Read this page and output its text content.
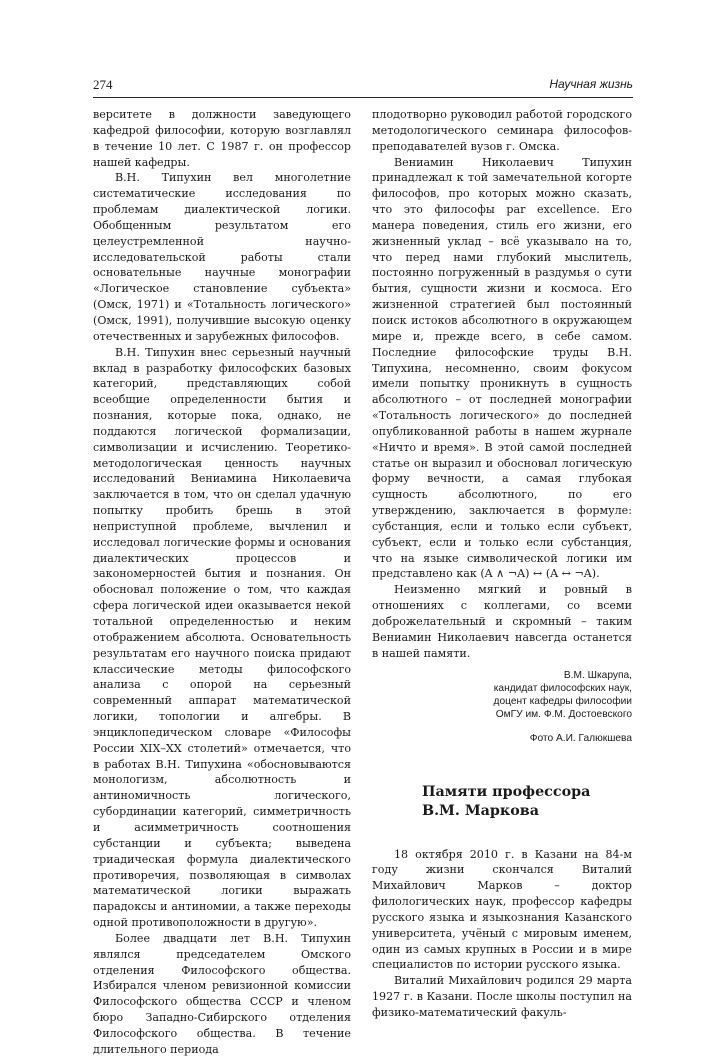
274	Научная жизнь

верситете в должности заведующего кафедрой философии, которую возглавлял в течение 10 лет. С 1987 г. он профессор нашей кафедры.

В.Н. Типухин вел многолетние систематические исследования по проблемам диалектической логики. Обобщенным результатом его целеустремленной научно-исследовательской работы стали основательные научные монографии «Логическое становление субъекта» (Омск, 1971) и «Тотальность логического» (Омск, 1991), получившие высокую оценку отечественных и зарубежных философов.

В.Н. Типухин внес серьезный научный вклад в разработку философских базовых категорий, представляющих собой всеобщие определенности бытия и познания, которые пока, однако, не поддаются логической формализации, символизации и исчислению. Теоретико-методологическая ценность научных исследований Вениамина Николаевича заключается в том, что он сделал удачную попытку пробить брешь в этой неприступной проблеме, вычленил и исследовал логические формы и основания диалектических процессов и закономерностей бытия и познания. Он обосновал положение о том, что каждая сфера логической идеи оказывается некой тотальной определенностью и неким отображением абсолюта. Основательность результатам его научного поиска придают классические методы философского анализа с опорой на серьезный современный аппарат математической логики, топологии и алгебры. В энциклопедическом словаре «Философы России XIX–XX столетий» отмечается, что в работах В.Н. Типухина «обосновываются монологизм, абсолютность и антиномичность логического, субординации категорий, симметричность и асимметричность соотношения субстанции и субъекта; выведена триадическая формула диалектического противоречия, позволяющая в символах математической логики выражать парадоксы и антиномии, а также переходы одной противоположности в другую».

Более двадцати лет В.Н. Типухин являлся председателем Омского отделения Философского общества. Избирался членом ревизионной комиссии Философского общества СССР и членом бюро Западно-Сибирского отделения Философского общества. В течение длительного периода

плодотворно руководил работой городского методологического семинара философов-преподавателей вузов г. Омска.

Вениамин Николаевич Типухин принадлежал к той замечательной когорте философов, про которых можно сказать, что это философы par excellence. Его манера поведения, стиль его жизни, его жизненный уклад – всё указывало на то, что перед нами глубокий мыслитель, постоянно погруженный в раздумья о сути бытия, сущности жизни и космоса. Его жизненной стратегией был постоянный поиск истоков абсолютного в окружающем мире и, прежде всего, в себе самом. Последние философские труды В.Н. Типухина, несомненно, своим фокусом имели попытку проникнуть в сущность абсолютного – от последней монографии «Тотальность логического» до последней опубликованной работы в нашем журнале «Ничто и время». В этой самой последней статье он выразил и обосновал логическую форму вечности, а самая глубокая сущность абсолютного, по его утверждению, заключается в формуле: субстанция, если и только если субъект, субъект, если и только если субстанция, что на языке символической логики им представлено как (A ∧ ¬A) ↔ (A ↔ ¬A).

Неизменно мягкий и ровный в отношениях с коллегами, со всеми доброжелательный и скромный – таким Вениамин Николаевич навсегда останется в нашей памяти.

В.М. Шкарупа,
кандидат философских наук,
доцент кафедры философии
ОмГУ им. Ф.М. Достоевского
Фото А.И. Галюкшева
Памяти профессора
В.М. Маркова

18 октября 2010 г. в Казани на 84-м году жизни скончался Виталий Михайлович Марков – доктор филологических наук, профессор кафедры русского языка и языкознания Казанского университета, учёный с мировым именем, один из самых крупных в России и в мире специалистов по истории русского языка.

Виталий Михайлович родился 29 марта 1927 г. в Казани. После школы поступил на физико-математический факуль-
